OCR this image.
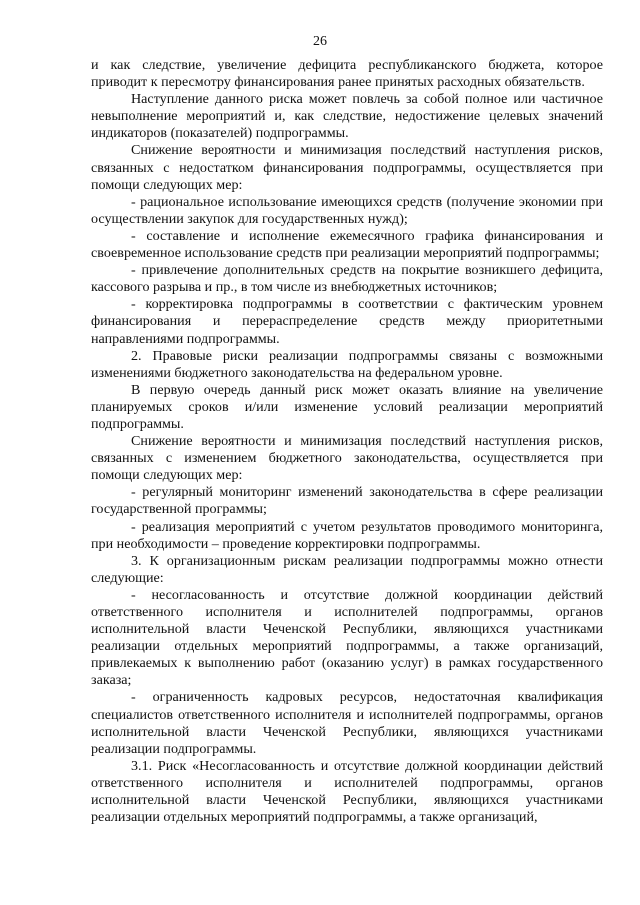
26

и как следствие, увеличение дефицита республиканского бюджета, которое приводит к пересмотру финансирования ранее принятых расходных обязательств.

Наступление данного риска может повлечь за собой полное или частичное невыполнение мероприятий и, как следствие, недостижение целевых значений индикаторов (показателей) подпрограммы.

Снижение вероятности и минимизация последствий наступления рисков, связанных с недостатком финансирования подпрограммы, осуществляется при помощи следующих мер:

- рациональное использование имеющихся средств (получение экономии при осуществлении закупок для государственных нужд);

- составление и исполнение ежемесячного графика финансирования и своевременное использование средств при реализации мероприятий подпрограммы;

- привлечение дополнительных средств на покрытие возникшего дефицита, кассового разрыва и пр., в том числе из внебюджетных источников;

- корректировка подпрограммы в соответствии с фактическим уровнем финансирования и перераспределение средств между приоритетными направлениями подпрограммы.

2. Правовые риски реализации подпрограммы связаны с возможными изменениями бюджетного законодательства на федеральном уровне.

В первую очередь данный риск может оказать влияние на увеличение планируемых сроков и/или изменение условий реализации мероприятий подпрограммы.

Снижение вероятности и минимизация последствий наступления рисков, связанных с изменением бюджетного законодательства, осуществляется при помощи следующих мер:

- регулярный мониторинг изменений законодательства в сфере реализации государственной программы;

- реализация мероприятий с учетом результатов проводимого мониторинга, при необходимости – проведение корректировки подпрограммы.

3. К организационным рискам реализации подпрограммы можно отнести следующие:

- несогласованность и отсутствие должной координации действий ответственного исполнителя и исполнителей подпрограммы, органов исполнительной власти Чеченской Республики, являющихся участниками реализации отдельных мероприятий подпрограммы, а также организаций, привлекаемых к выполнению работ (оказанию услуг) в рамках государственного заказа;

- ограниченность кадровых ресурсов, недостаточная квалификация специалистов ответственного исполнителя и исполнителей подпрограммы, органов исполнительной власти Чеченской Республики, являющихся участниками реализации подпрограммы.

3.1. Риск «Несогласованность и отсутствие должной координации действий ответственного исполнителя и исполнителей подпрограммы, органов исполнительной власти Чеченской Республики, являющихся участниками реализации отдельных мероприятий подпрограммы, а также организаций,
